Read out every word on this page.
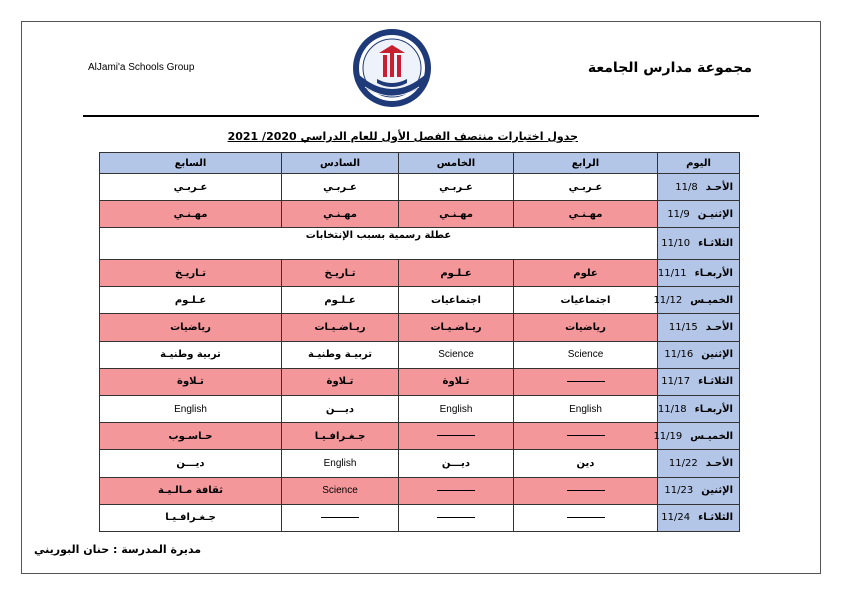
AlJami'a Schools Group	مجموعة مدارس الجامعة
جدول اختبارات منتصف الفصل الأول للعام الدراسي 2020/ 2021
اليوم	الرابع	الخامس	السادس	السابع
الأحـد11/8	عـربـي	عـربـي	عـربـي	عـربـي
الإثنيـن11/9	مهـنـي	مهـنـي	مهـنـي	مهـنـي
الثلاثـاء11/10	عطلة رسمية بسبب الإنتخابات			
الأربعـاء11/11	علوم	عـلـوم	تـاريـخ	تـاريـخ
الخميـس11/12	اجتماعيات	اجتماعيات	عـلـوم	عـلـوم
الأحـد11/15	رياضيات	ريـاضـيـات	ريـاضـيـات	رياضيات
الإثنين11/16	Science	Science	تربيـة وطنيـة	تربية وطنيـة
الثلاثـاء11/17		تـلاوة	تـلاوة	تـلاوة
الأربعـاء11/18	English	English	ديـــن	English
الخميـس11/19			جـغـرافـيـا	حـاسـوب
الأحـد11/22	دين	ديـــن	English	ديـــن
الإثنين11/23			Science	ثقافة مـالـيـة
الثلاثـاء11/24				جـغـرافـيـا
مديرة المدرسة : حنان البوريني
